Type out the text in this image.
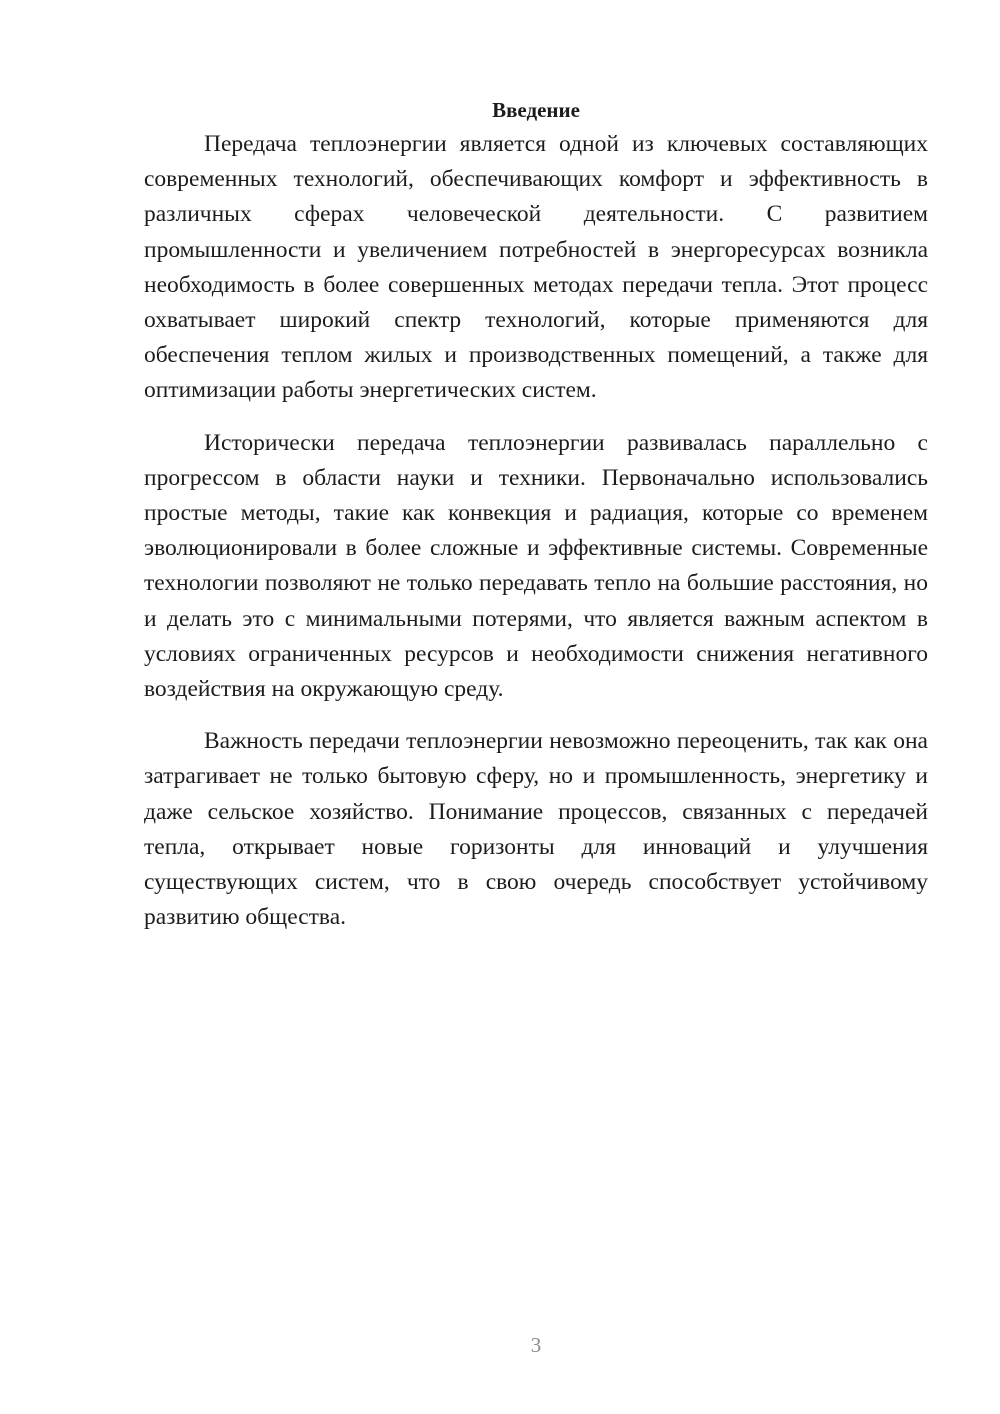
Введение

Передача теплоэнергии является одной из ключевых составляющих современных технологий, обеспечивающих комфорт и эффективность в различных сферах человеческой деятельности. С развитием промышленности и увеличением потребностей в энергоресурсах возникла необходимость в более совершенных методах передачи тепла. Этот процесс охватывает широкий спектр технологий, которые применяются для обеспечения теплом жилых и производственных помещений, а также для оптимизации работы энергетических систем.

Исторически передача теплоэнергии развивалась параллельно с прогрессом в области науки и техники. Первоначально использовались простые методы, такие как конвекция и радиация, которые со временем эволюционировали в более сложные и эффективные системы. Современные технологии позволяют не только передавать тепло на большие расстояния, но и делать это с минимальными потерями, что является важным аспектом в условиях ограниченных ресурсов и необходимости снижения негативного воздействия на окружающую среду.

Важность передачи теплоэнергии невозможно переоценить, так как она затрагивает не только бытовую сферу, но и промышленность, энергетику и даже сельское хозяйство. Понимание процессов, связанных с передачей тепла, открывает новые горизонты для инноваций и улучшения существующих систем, что в свою очередь способствует устойчивому развитию общества.

3
